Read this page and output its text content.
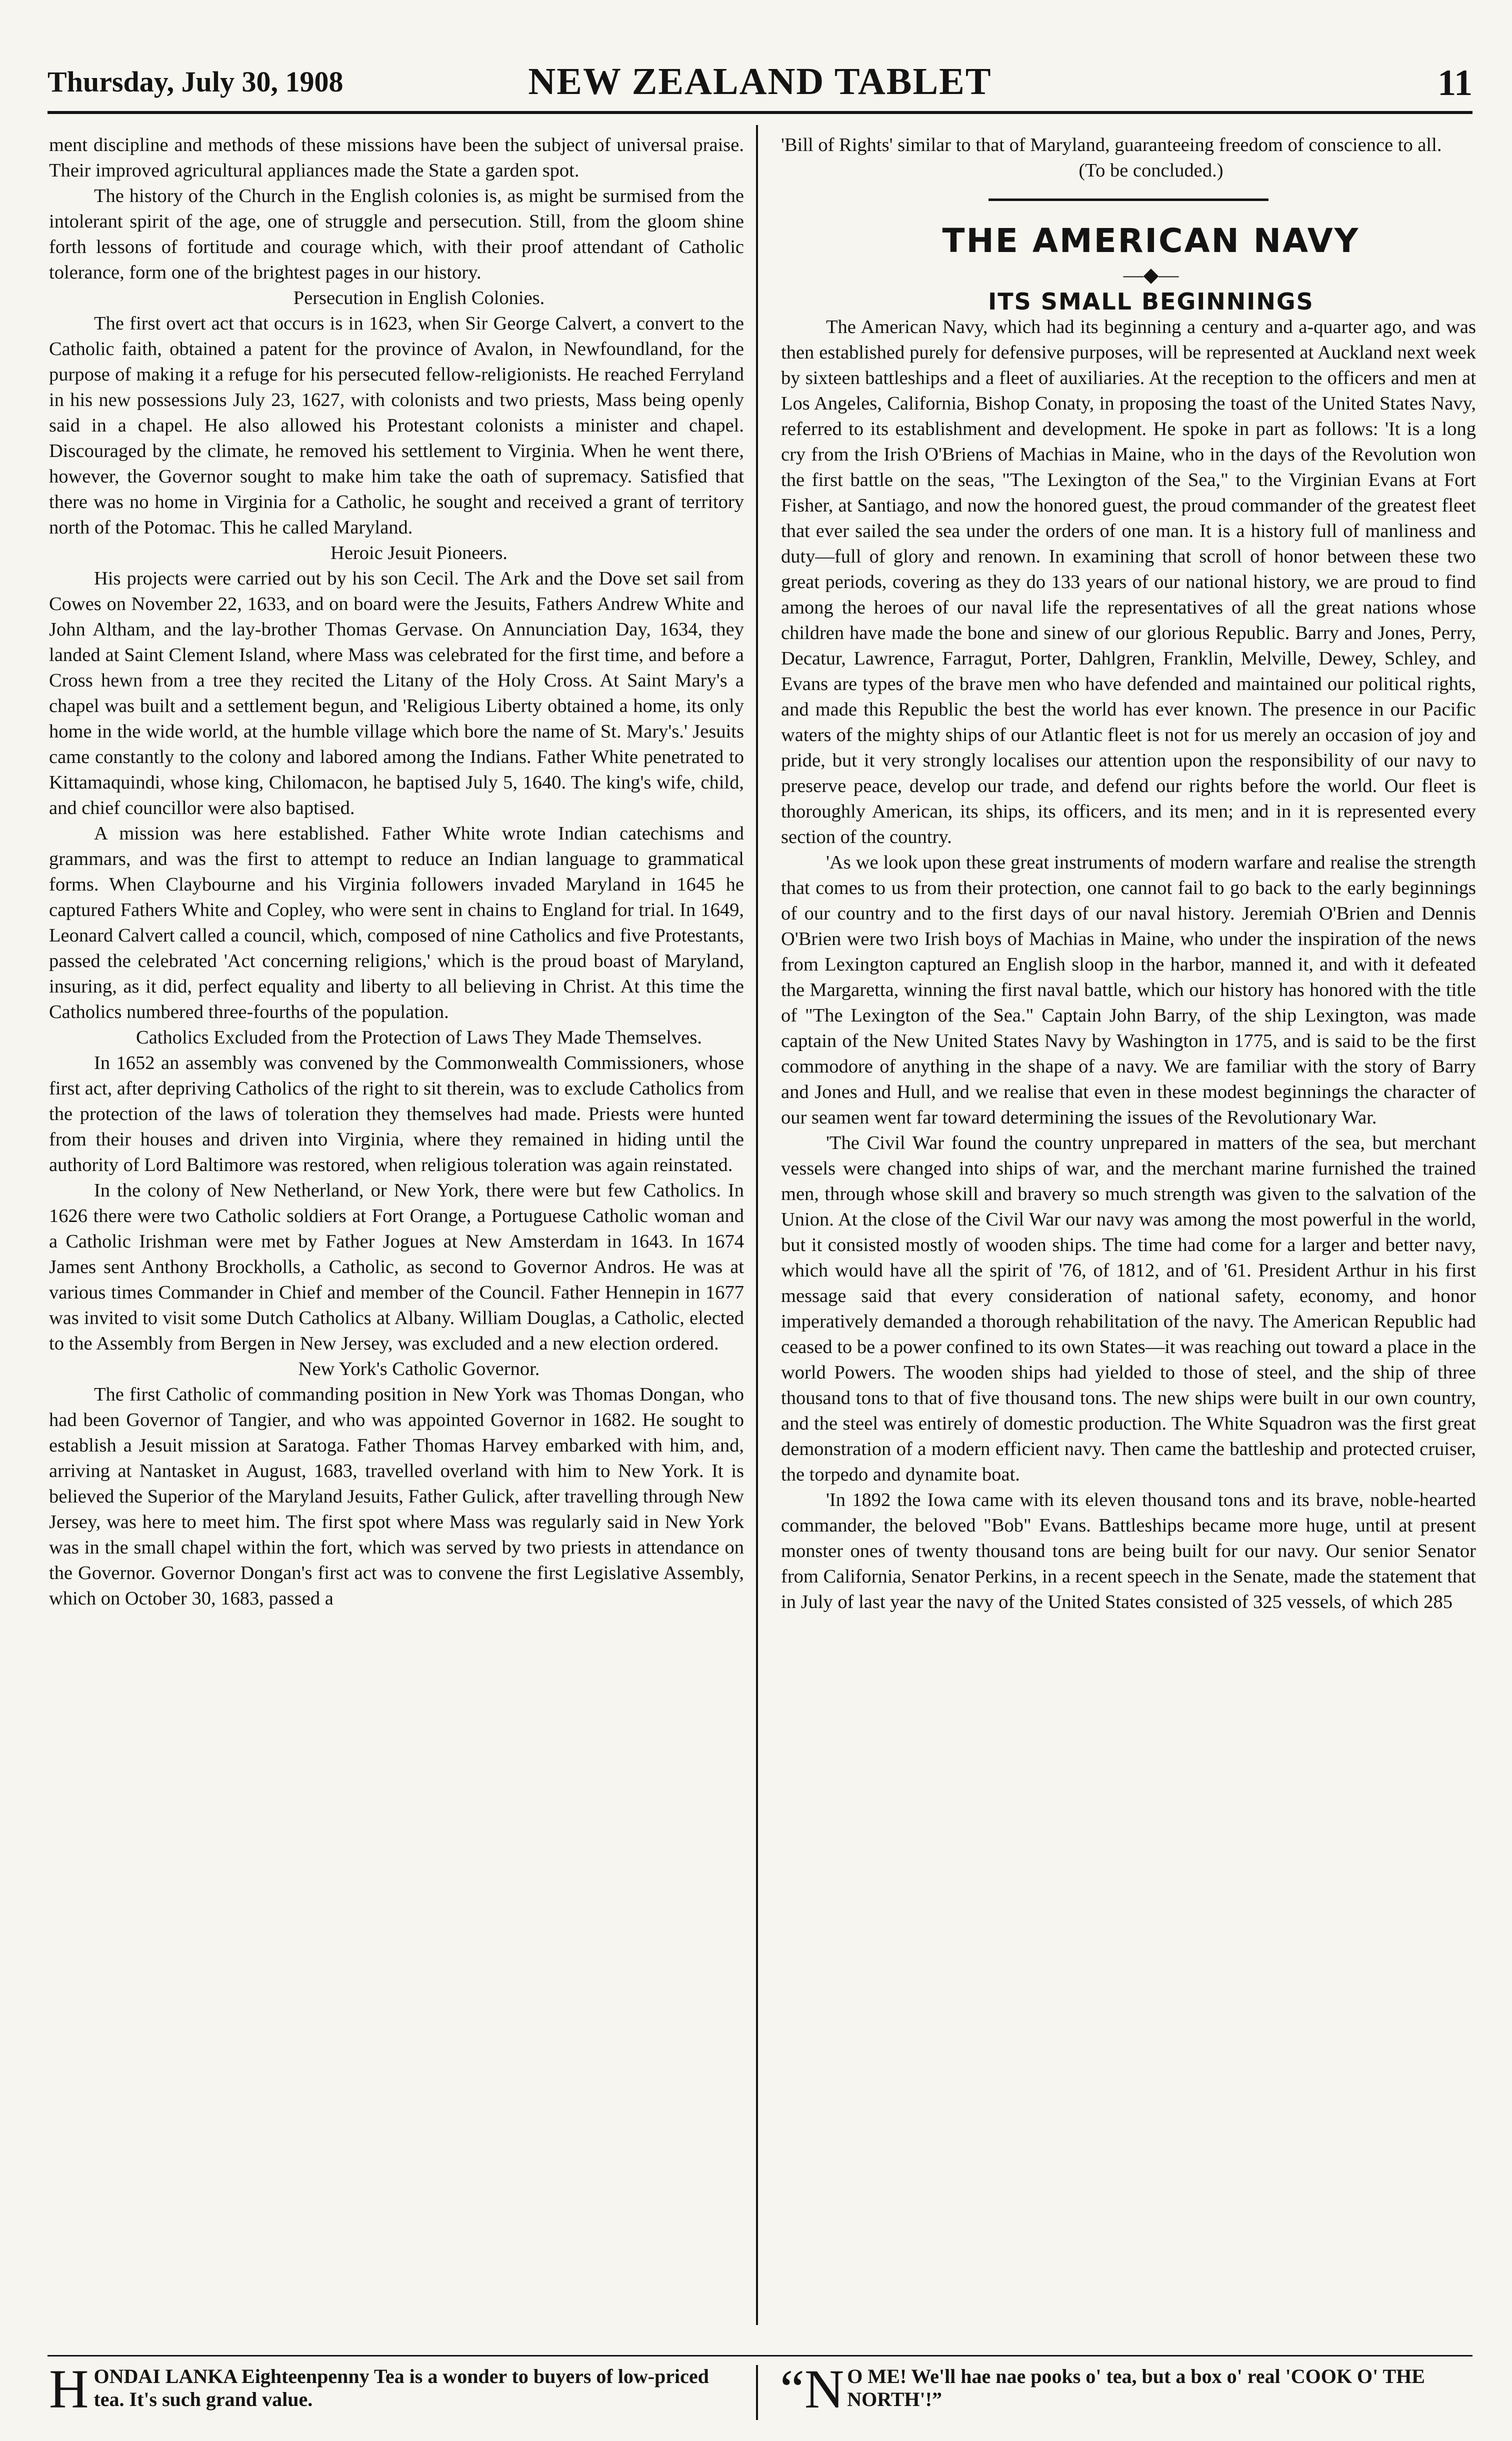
Thursday, July 30, 1908	NEW ZEALAND TABLET	11

ment discipline and methods of these missions have been the subject of universal praise. Their improved agricultural appliances made the State a garden spot.

The history of the Church in the English colonies is, as might be surmised from the intolerant spirit of the age, one of struggle and persecution. Still, from the gloom shine forth lessons of fortitude and courage which, with their proof attendant of Catholic tolerance, form one of the brightest pages in our history.

Persecution in English Colonies.

The first overt act that occurs is in 1623, when Sir George Calvert, a convert to the Catholic faith, obtained a patent for the province of Avalon, in Newfoundland, for the purpose of making it a refuge for his persecuted fellow-religionists. He reached Ferryland in his new possessions July 23, 1627, with colonists and two priests, Mass being openly said in a chapel. He also allowed his Protestant colonists a minister and chapel. Discouraged by the climate, he removed his settlement to Virginia. When he went there, however, the Governor sought to make him take the oath of supremacy. Satisfied that there was no home in Virginia for a Catholic, he sought and received a grant of territory north of the Potomac. This he called Maryland.

Heroic Jesuit Pioneers.

His projects were carried out by his son Cecil. The Ark and the Dove set sail from Cowes on November 22, 1633, and on board were the Jesuits, Fathers Andrew White and John Altham, and the lay-brother Thomas Gervase. On Annunciation Day, 1634, they landed at Saint Clement Island, where Mass was celebrated for the first time, and before a Cross hewn from a tree they recited the Litany of the Holy Cross. At Saint Mary's a chapel was built and a settlement begun, and 'Religious Liberty obtained a home, its only home in the wide world, at the humble village which bore the name of St. Mary's.' Jesuits came constantly to the colony and labored among the Indians. Father White penetrated to Kittamaquindi, whose king, Chilomacon, he baptised July 5, 1640. The king's wife, child, and chief councillor were also baptised.

A mission was here established. Father White wrote Indian catechisms and grammars, and was the first to attempt to reduce an Indian language to grammatical forms. When Claybourne and his Virginia followers invaded Maryland in 1645 he captured Fathers White and Copley, who were sent in chains to England for trial. In 1649, Leonard Calvert called a council, which, composed of nine Catholics and five Protestants, passed the celebrated 'Act concerning religions,' which is the proud boast of Maryland, insuring, as it did, perfect equality and liberty to all believing in Christ. At this time the Catholics numbered three-fourths of the population.

Catholics Excluded from the Protection of Laws They Made Themselves.

In 1652 an assembly was convened by the Commonwealth Commissioners, whose first act, after depriving Catholics of the right to sit therein, was to exclude Catholics from the protection of the laws of toleration they themselves had made. Priests were hunted from their houses and driven into Virginia, where they remained in hiding until the authority of Lord Baltimore was restored, when religious toleration was again reinstated.

In the colony of New Netherland, or New York, there were but few Catholics. In 1626 there were two Catholic soldiers at Fort Orange, a Portuguese Catholic woman and a Catholic Irishman were met by Father Jogues at New Amsterdam in 1643. In 1674 James sent Anthony Brockholls, a Catholic, as second to Governor Andros. He was at various times Commander in Chief and member of the Council. Father Hennepin in 1677 was invited to visit some Dutch Catholics at Albany. William Douglas, a Catholic, elected to the Assembly from Bergen in New Jersey, was excluded and a new election ordered.

New York's Catholic Governor.

The first Catholic of commanding position in New York was Thomas Dongan, who had been Governor of Tangier, and who was appointed Governor in 1682. He sought to establish a Jesuit mission at Saratoga. Father Thomas Harvey embarked with him, and, arriving at Nantasket in August, 1683, travelled overland with him to New York. It is believed the Superior of the Maryland Jesuits, Father Gulick, after travelling through New Jersey, was here to meet him. The first spot where Mass was regularly said in New York was in the small chapel within the fort, which was served by two priests in attendance on the Governor. Governor Dongan's first act was to convene the first Legislative Assembly, which on October 30, 1683, passed a

'Bill of Rights' similar to that of Maryland, guaranteeing freedom of conscience to all.

(To be concluded.)

THE AMERICAN NAVY

—◆—

ITS SMALL BEGINNINGS

The American Navy, which had its beginning a century and a-quarter ago, and was then established purely for defensive purposes, will be represented at Auckland next week by sixteen battleships and a fleet of auxiliaries. At the reception to the officers and men at Los Angeles, California, Bishop Conaty, in proposing the toast of the United States Navy, referred to its establishment and development. He spoke in part as follows: 'It is a long cry from the Irish O'Briens of Machias in Maine, who in the days of the Revolution won the first battle on the seas, "The Lexington of the Sea," to the Virginian Evans at Fort Fisher, at Santiago, and now the honored guest, the proud commander of the greatest fleet that ever sailed the sea under the orders of one man. It is a history full of manliness and duty—full of glory and renown. In examining that scroll of honor between these two great periods, covering as they do 133 years of our national history, we are proud to find among the heroes of our naval life the representatives of all the great nations whose children have made the bone and sinew of our glorious Republic. Barry and Jones, Perry, Decatur, Lawrence, Farragut, Porter, Dahlgren, Franklin, Melville, Dewey, Schley, and Evans are types of the brave men who have defended and maintained our political rights, and made this Republic the best the world has ever known. The presence in our Pacific waters of the mighty ships of our Atlantic fleet is not for us merely an occasion of joy and pride, but it very strongly localises our attention upon the responsibility of our navy to preserve peace, develop our trade, and defend our rights before the world. Our fleet is thoroughly American, its ships, its officers, and its men; and in it is represented every section of the country.

'As we look upon these great instruments of modern warfare and realise the strength that comes to us from their protection, one cannot fail to go back to the early beginnings of our country and to the first days of our naval history. Jeremiah O'Brien and Dennis O'Brien were two Irish boys of Machias in Maine, who under the inspiration of the news from Lexington captured an English sloop in the harbor, manned it, and with it defeated the Margaretta, winning the first naval battle, which our history has honored with the title of "The Lexington of the Sea." Captain John Barry, of the ship Lexington, was made captain of the New United States Navy by Washington in 1775, and is said to be the first commodore of anything in the shape of a navy. We are familiar with the story of Barry and Jones and Hull, and we realise that even in these modest beginnings the character of our seamen went far toward determining the issues of the Revolutionary War.

'The Civil War found the country unprepared in matters of the sea, but merchant vessels were changed into ships of war, and the merchant marine furnished the trained men, through whose skill and bravery so much strength was given to the salvation of the Union. At the close of the Civil War our navy was among the most powerful in the world, but it consisted mostly of wooden ships. The time had come for a larger and better navy, which would have all the spirit of '76, of 1812, and of '61. President Arthur in his first message said that every consideration of national safety, economy, and honor imperatively demanded a thorough rehabilitation of the navy. The American Republic had ceased to be a power confined to its own States—it was reaching out toward a place in the world Powers. The wooden ships had yielded to those of steel, and the ship of three thousand tons to that of five thousand tons. The new ships were built in our own country, and the steel was entirely of domestic production. The White Squadron was the first great demonstration of a modern efficient navy. Then came the battleship and protected cruiser, the torpedo and dynamite boat.

'In 1892 the Iowa came with its eleven thousand tons and its brave, noble-hearted commander, the beloved "Bob" Evans. Battleships became more huge, until at present monster ones of twenty thousand tons are being built for our navy. Our senior Senator from California, Senator Perkins, in a recent speech in the Senate, made the statement that in July of last year the navy of the United States consisted of 325 vessels, of which 285

H ONDAI LANKA Eighteenpenny Tea is a wonder to buyers of low-priced tea. It's such grand value.	“N O ME! We'll hae nae pooks o' tea, but a box o' real 'COOK O' THE NORTH'!”
